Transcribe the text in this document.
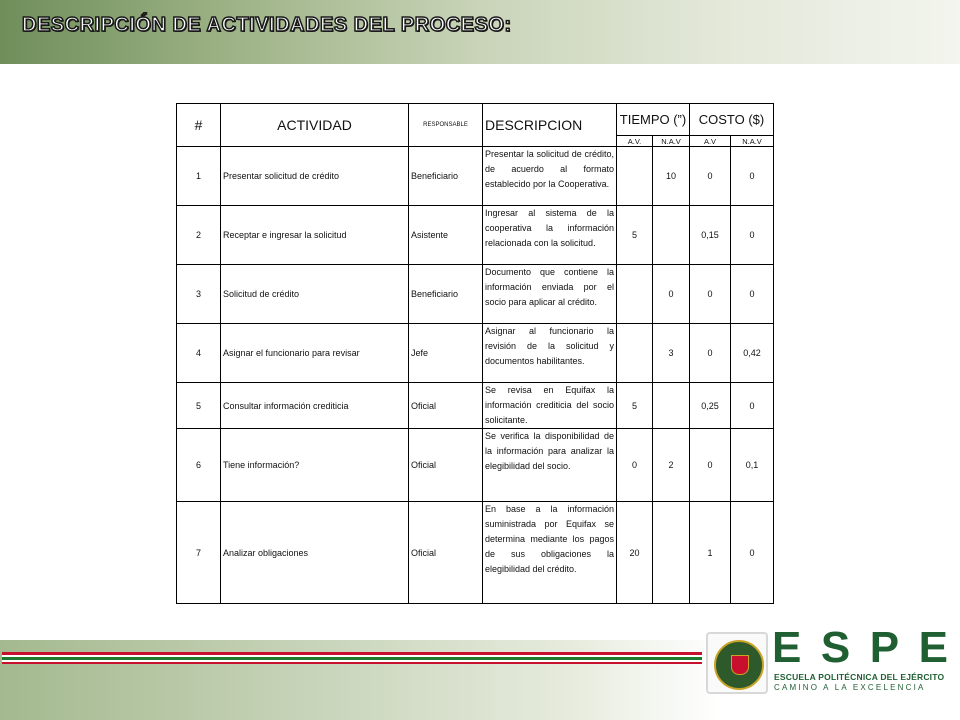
DESCRIPCIÓN DE ACTIVIDADES DEL PROCESO:
#	ACTIVIDAD	RESPONSABLE	DESCRIPCION	TIEMPO (”)		COSTO ($)	
				A.V.	N.A.V	A.V	N.A.V
1	Presentar solicitud de crédito	Beneficiario	Presentar la solicitud de crédito, de acuerdo al formato establecido por la Cooperativa.		10	0	0
2	Receptar e ingresar la solicitud	Asistente	Ingresar al sistema de la cooperativa la información relacionada con la solicitud.	5		0,15	0
3	Solicitud de crédito	Beneficiario	Documento que contiene la información enviada por el socio para aplicar al crédito.		0	0	0
4	Asignar el funcionario para revisar	Jefe	Asignar al funcionario la revisión de la solicitud y documentos habilitantes.		3	0	0,42
5	Consultar información crediticia	Oficial	Se revisa en Equifax la información crediticia del socio solicitante.	5		0,25	0
6	Tiene información?	Oficial	Se verifica la disponibilidad de la información para analizar la elegibilidad del socio.	0	2	0	0,1
7	Analizar obligaciones	Oficial	En base a la información suministrada por Equifax se determina mediante los pagos de sus obligaciones la elegibilidad del crédito.	20		1	0
E S P E
ESCUELA POLITÉCNICA DEL EJÉRCITO
CAMINO A LA EXCELENCIA
